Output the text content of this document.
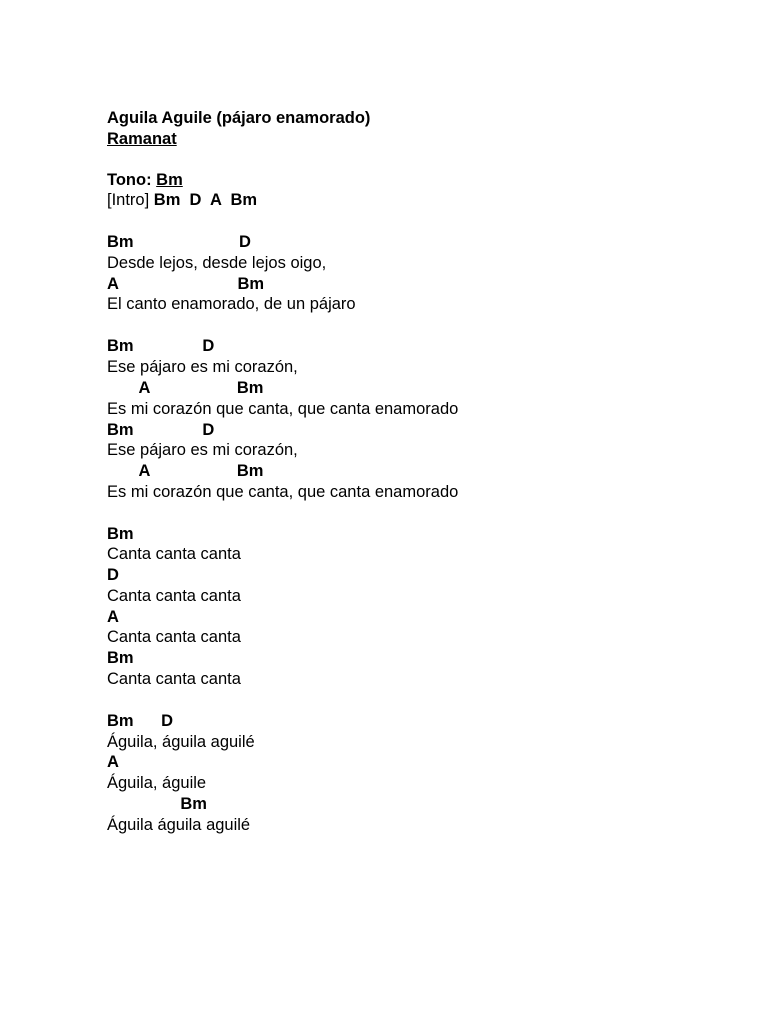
Aguila Aguile (pájaro enamorado)
Ramanat
Tono: Bm
[Intro] Bm  D  A  Bm
Bm                       D
Desde lejos, desde lejos oigo,
A                          Bm
El canto enamorado, de un pájaro
Bm               D
Ese pájaro es mi corazón,
A                   Bm
Es mi corazón que canta, que canta enamorado
Bm               D
Ese pájaro es mi corazón,
A                   Bm
Es mi corazón que canta, que canta enamorado
Bm
Canta canta canta
D
Canta canta canta
A
Canta canta canta
Bm
Canta canta canta
Bm      D
Águila, águila aguilé
A
Águila, águile
Bm
Águila águila aguilé
